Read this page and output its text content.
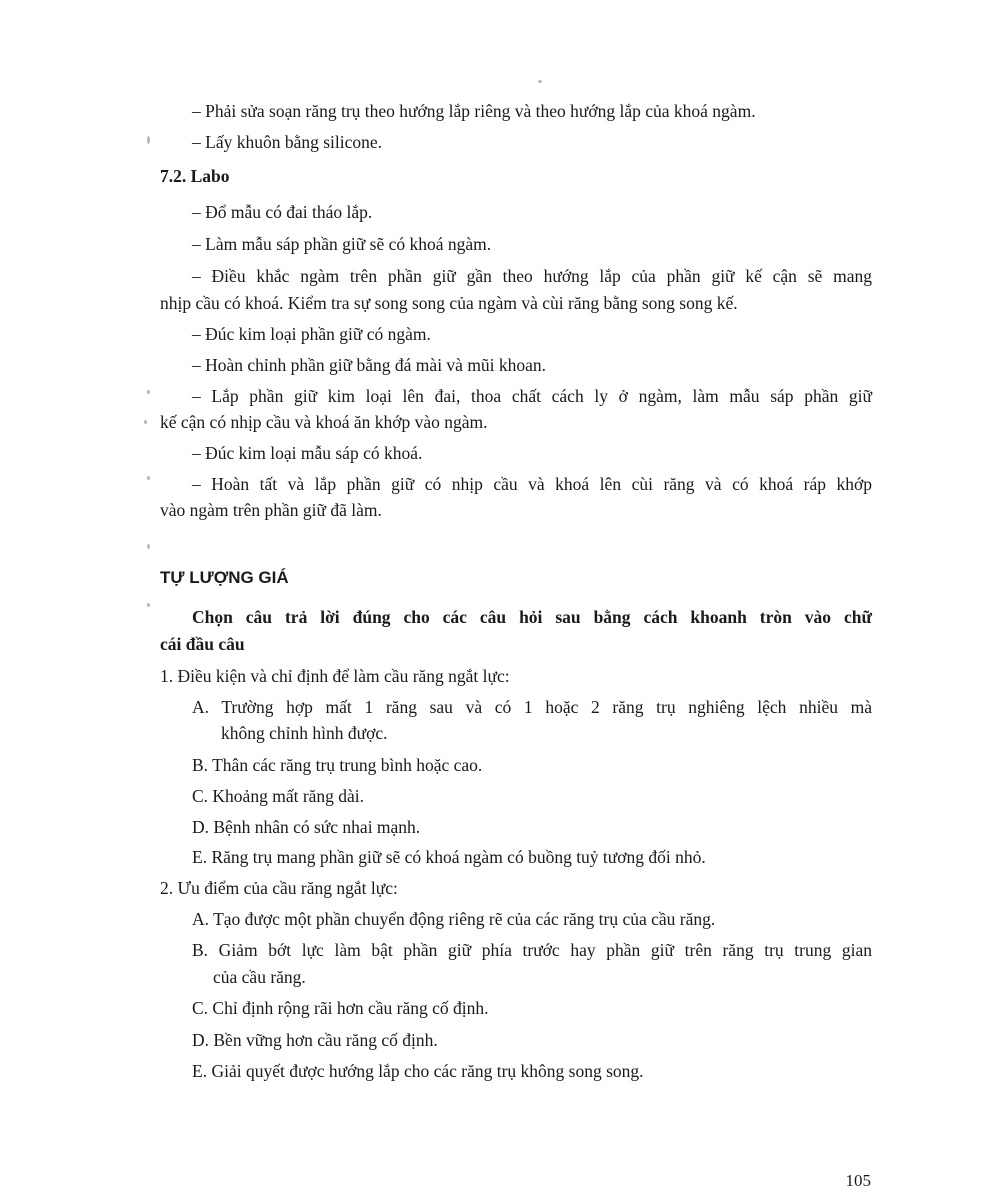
– Phải sửa soạn răng trụ theo hướng lắp riêng và theo hướng lắp của khoá ngàm.
– Lấy khuôn bằng silicone.
7.2. Labo
– Đổ mẫu có đai tháo lắp.
– Làm mẫu sáp phần giữ sẽ có khoá ngàm.
– Điều khắc ngàm trên phần giữ gần theo hướng lắp của phần giữ kế cận sẽ mang
nhịp cầu có khoá. Kiểm tra sự song song của ngàm và cùi răng bằng song song kế.
– Đúc kim loại phần giữ có ngàm.
– Hoàn chỉnh phần giữ bằng đá mài và mũi khoan.
– Lắp phần giữ kim loại lên đai, thoa chất cách ly ở ngàm, làm mẫu sáp phần giữ
kế cận có nhịp cầu và khoá ăn khớp vào ngàm.
– Đúc kim loại mẫu sáp có khoá.
– Hoàn tất và lắp phần giữ có nhịp cầu và khoá lên cùi răng và có khoá ráp khớp
vào ngàm trên phần giữ đã làm.
TỰ LƯỢNG GIÁ
Chọn câu trả lời đúng cho các câu hỏi sau bằng cách khoanh tròn vào chữ
cái đầu câu
1. Điều kiện và chỉ định để làm cầu răng ngắt lực:
A. Trường hợp mất 1 răng sau và có 1 hoặc 2 răng trụ nghiêng lệch nhiều mà
không chỉnh hình được.
B. Thân các răng trụ trung bình hoặc cao.
C. Khoảng mất răng dài.
D. Bệnh nhân có sức nhai mạnh.
E. Răng trụ mang phần giữ sẽ có khoá ngàm có buồng tuỷ tương đối nhỏ.
2. Ưu điểm của cầu răng ngắt lực:
A. Tạo được một phần chuyển động riêng rẽ của các răng trụ của cầu răng.
B. Giảm bớt lực làm bật phần giữ phía trước hay phần giữ trên răng trụ trung gian
của cầu răng.
C. Chỉ định rộng rãi hơn cầu răng cố định.
D. Bền vững hơn cầu răng cố định.
E. Giải quyết được hướng lắp cho các răng trụ không song song.
105
